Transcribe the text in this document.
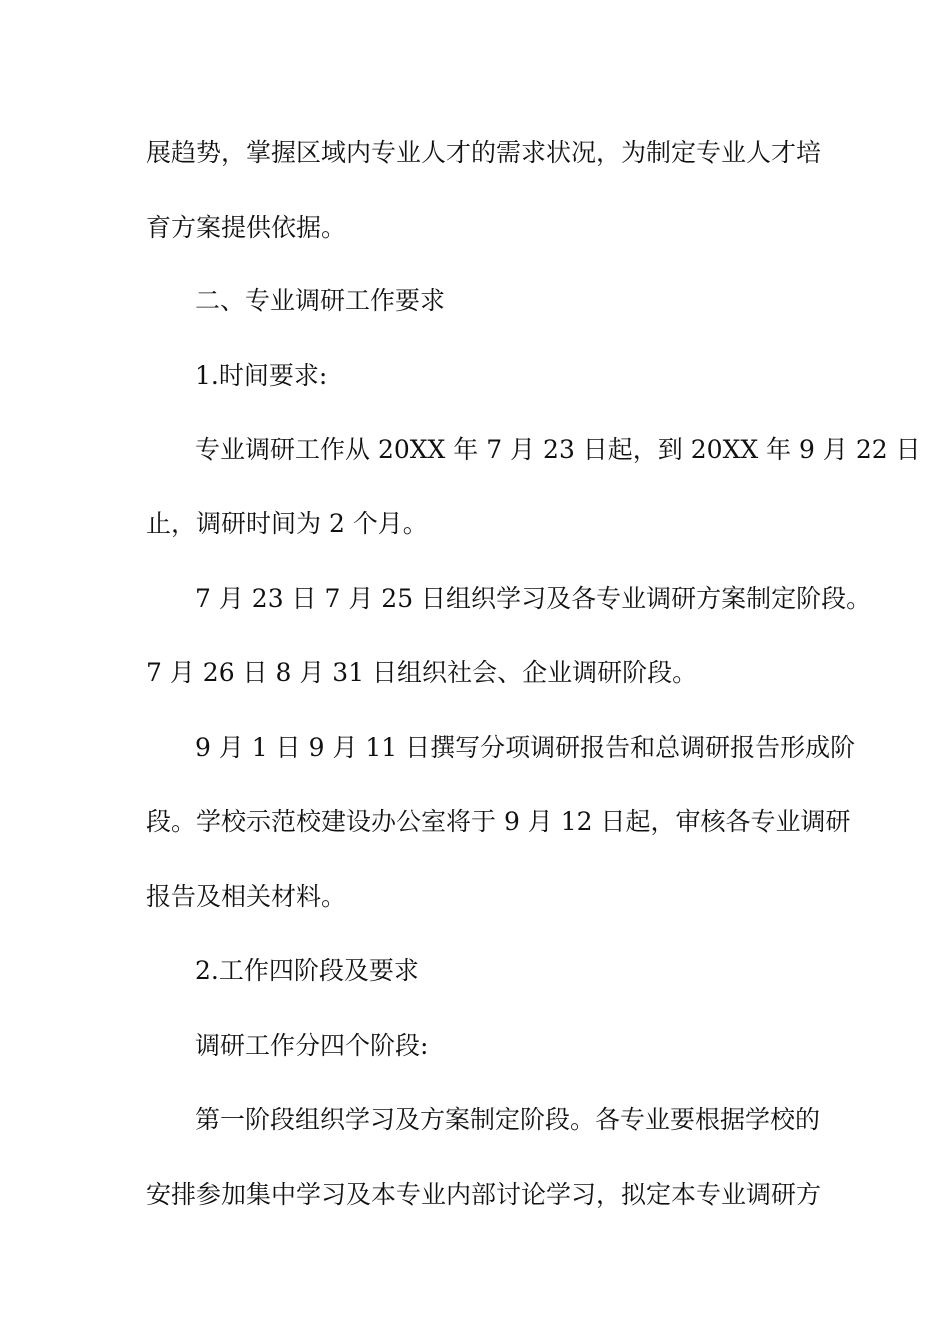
展趋势，掌握区域内专业人才的需求状况，为制定专业人才培
育方案提供依据。
二、专业调研工作要求
1.时间要求:
专业调研工作从 20XX 年 7 月 23 日起，到 20XX 年 9 月 22 日
止，调研时间为 2 个月。
7 月 23 日 7 月 25 日组织学习及各专业调研方案制定阶段。
7 月 26 日 8 月 31 日组织社会、企业调研阶段。
9 月 1 日 9 月 11 日撰写分项调研报告和总调研报告形成阶
段。学校示范校建设办公室将于 9 月 12 日起，审核各专业调研
报告及相关材料。
2.工作四阶段及要求
调研工作分四个阶段:
第一阶段组织学习及方案制定阶段。各专业要根据学校的
安排参加集中学习及本专业内部讨论学习，拟定本专业调研方
